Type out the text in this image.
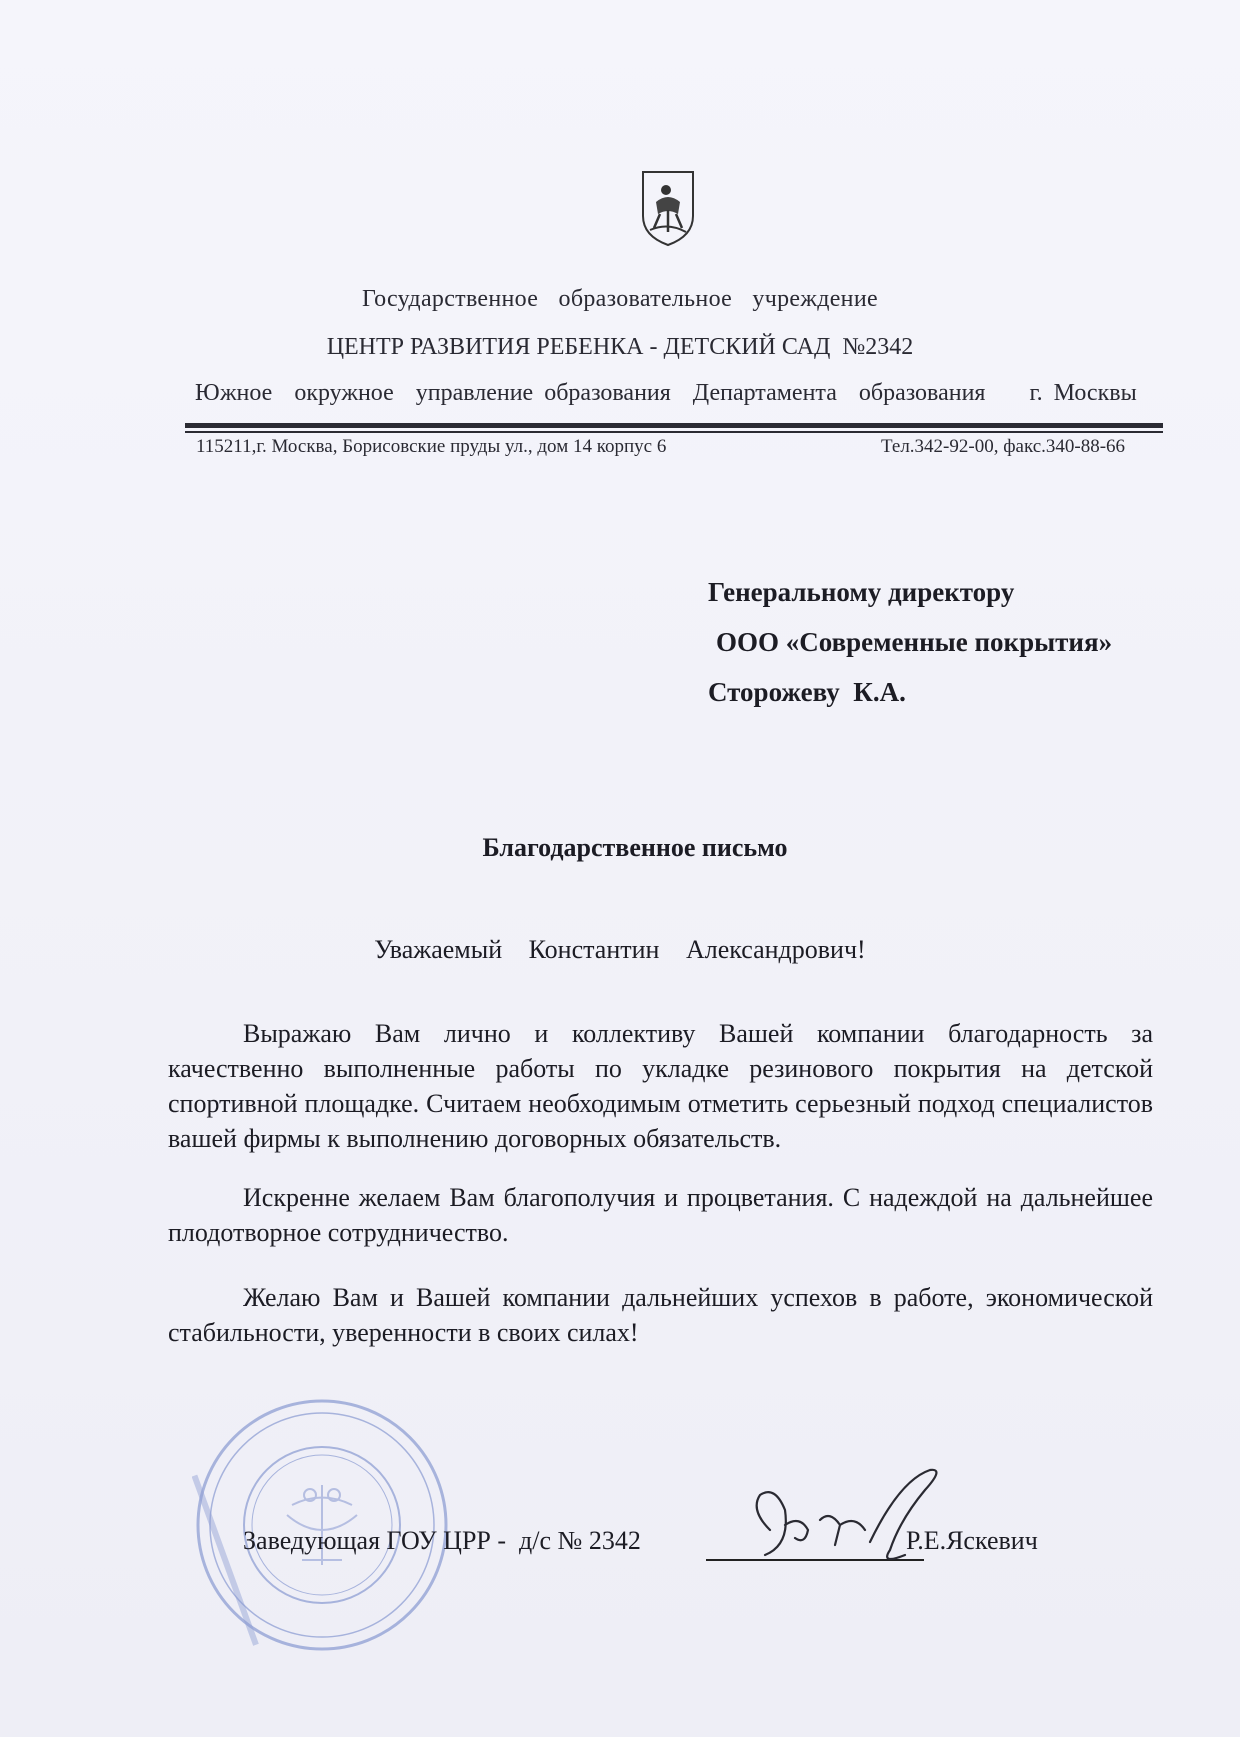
Государственное образовательное учреждение
ЦЕНТР РАЗВИТИЯ РЕБЕНКА - ДЕТСКИЙ САД  №2342
Южное  окружное  управление образования  Департамента  образования    г. Москвы
115211,г. Москва, Борисовские пруды ул., дом 14 корпус 6	Тел.342-92-00, факс.340-88-66
Генеральному директору
ООО «Современные покрытия»
Сторожеву  К.А.
Благодарственное письмо
Уважаемый Константин Александрович!
Выражаю Вам лично и коллективу Вашей компании благодарность за качественно выполненные работы по укладке резинового покрытия на детской спортивной площадке. Считаем необходимым отметить серьезный подход специалистов вашей фирмы к выполнению договорных обязательств.
Искренне желаем Вам благополучия и процветания. С надеждой на дальнейшее плодотворное сотрудничество.
Желаю Вам и Вашей компании дальнейших успехов в работе, экономической стабильности, уверенности в своих силах!
Заведующая ГОУ ЦРР -  д/с № 2342	Р.Е.Яскевич
